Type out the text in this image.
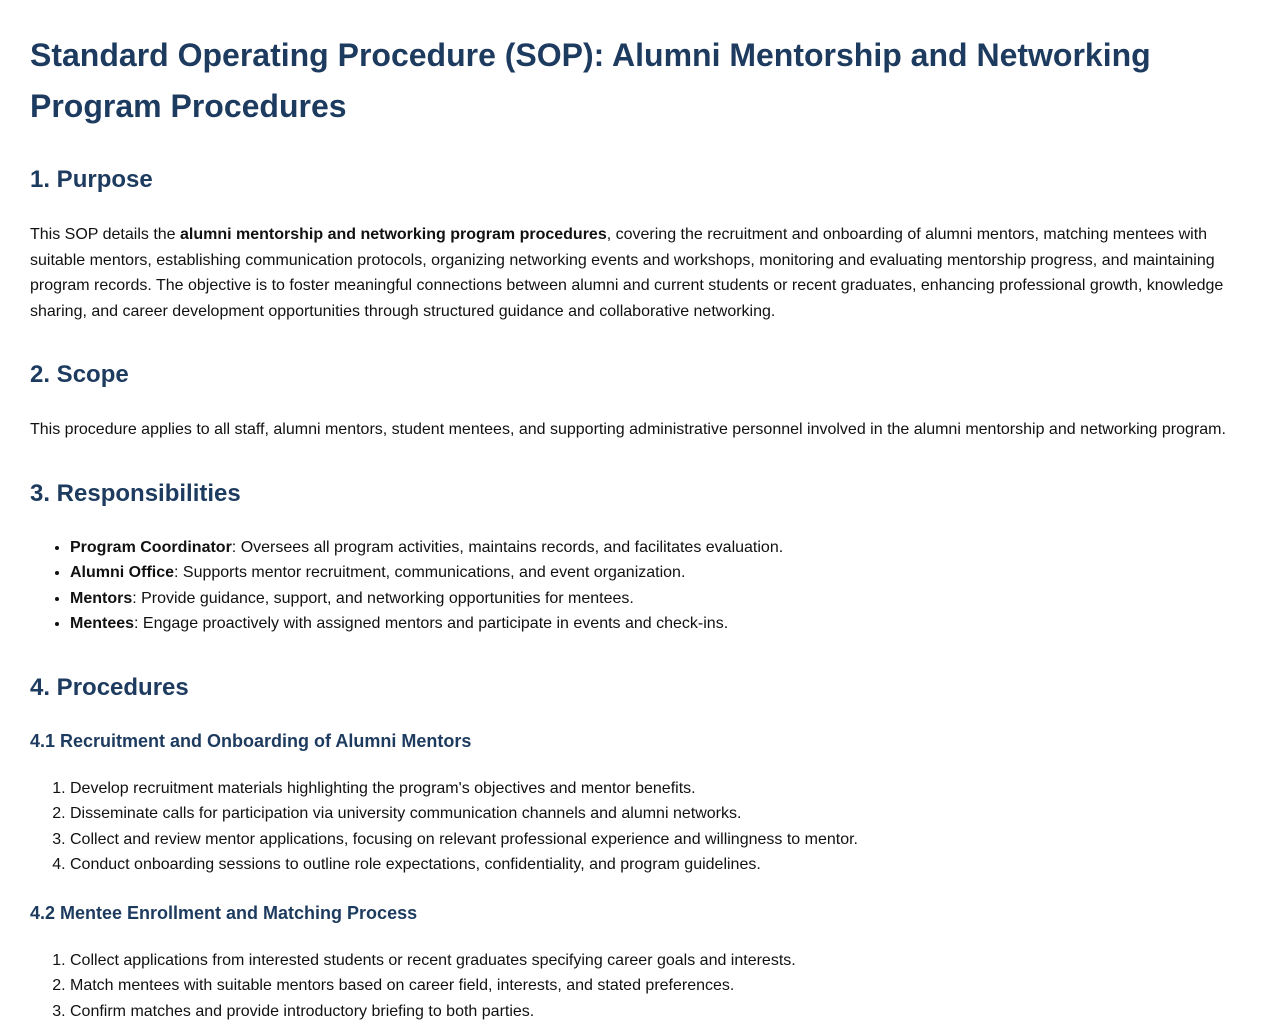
Standard Operating Procedure (SOP): Alumni Mentorship and Networking Program Procedures
1. Purpose

This SOP details the alumni mentorship and networking program procedures, covering the recruitment and onboarding of alumni mentors, matching mentees with suitable mentors, establishing communication protocols, organizing networking events and workshops, monitoring and evaluating mentorship progress, and maintaining program records. The objective is to foster meaningful connections between alumni and current students or recent graduates, enhancing professional growth, knowledge sharing, and career development opportunities through structured guidance and collaborative networking.

2. Scope

This procedure applies to all staff, alumni mentors, student mentees, and supporting administrative personnel involved in the alumni mentorship and networking program.

3. Responsibilities
• Program Coordinator: Oversees all program activities, maintains records, and facilitates evaluation.
• Alumni Office: Supports mentor recruitment, communications, and event organization.
• Mentors: Provide guidance, support, and networking opportunities for mentees.
• Mentees: Engage proactively with assigned mentors and participate in events and check-ins.
4. Procedures
4.1 Recruitment and Onboarding of Alumni Mentors
1. Develop recruitment materials highlighting the program's objectives and mentor benefits.
2. Disseminate calls for participation via university communication channels and alumni networks.
3. Collect and review mentor applications, focusing on relevant professional experience and willingness to mentor.
4. Conduct onboarding sessions to outline role expectations, confidentiality, and program guidelines.
4.2 Mentee Enrollment and Matching Process
1. Collect applications from interested students or recent graduates specifying career goals and interests.
2. Match mentees with suitable mentors based on career field, interests, and stated preferences.
3. Confirm matches and provide introductory briefing to both parties.
